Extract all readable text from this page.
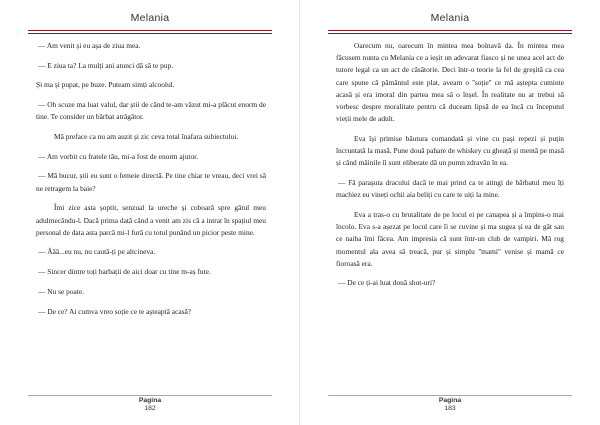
Melania

— Am venit și eu așa de ziua mea.

— E ziua ta? La mulți ani atunci dă să te pup.

Și ma și pupat, pe buze. Puteam simți alcoolul.

— Oh scuze ma luat valul, dar știi de când te-am văzut mi-a plăcut enorm de tine. Te consider un bărbat atrăgător.

Mă preface ca nu am auzit și zic ceva total înafara subiectului.

— Am vorbit cu fratele tău, mi-a fost de enorm ajutor.

— Mă bucur, știi eu sunt o femeie directă. Pe tine chiar te vreau, deci vrei să ne retragem la baie?

Îmi zice asta șoptit, senzual la ureche și coboară spre gâtul meu adulmecându-l. Dacă prima dată când a venit am zis că a intrat în spațiul meu personal de data asta parcă mi-l fură cu totul punând un picior peste mine.

— Ăăă...eu nu, nu caută-ți pe altcineva.

— Sincer dintre toți barbații de aici doar cu tine m-aș fute.

— Nu se poate.

— De ce? Ai cumva vreo soție ce te așteaptă acasă?

Pagina
182
Melania

Oarecum nu, oarecum în mintea mea bolnavă da. În mintea mea făcusem nunta cu Melania ce a ieșit un adevarat fiasco și ne unea acel act de tutore legal ca un act de căsătorie. Deci într-o teorie la fel de greșită ca cea care spune că pământul este plat, aveam o ''soție'' ce mă aștepta cuminte acasă și era imoral din partea mea să o înșel. În realitate nu ar trebui să vorbesc despre moralitate pentru că duceam lipsă de ea încă cu începutul vieții mele de adult.

Eva își primise băutura comandată și vine cu pași repezi și puțin încruntată la masă. Pune două pahare de whiskey cu gheață și mentă pe masă și când mâinile îi sunt eliberate dă un pumn zdravăn în ea.

— Fă parașuta dracului dacă te mai prind ca te atingi de bărbatul meu îți machiez eu vineți ochii aia beliți cu care te uiți la mine.

Eva a tras-o cu brutalitate de pe locul ei pe canapea și a împins-o mai încolo. Eva s-a așezat pe locul care îi se cuvine și ma sugea și ea de gât sau ce naiba îmi făcea. Am impresia că sunt într-un club de vampiri. Mă rog momentul ala avea să treacă, pur și simplu ''mami'' venise și mamă ce fioroasă era.

— De ce ți-ai luat două shot-uri?

Pagina
183
